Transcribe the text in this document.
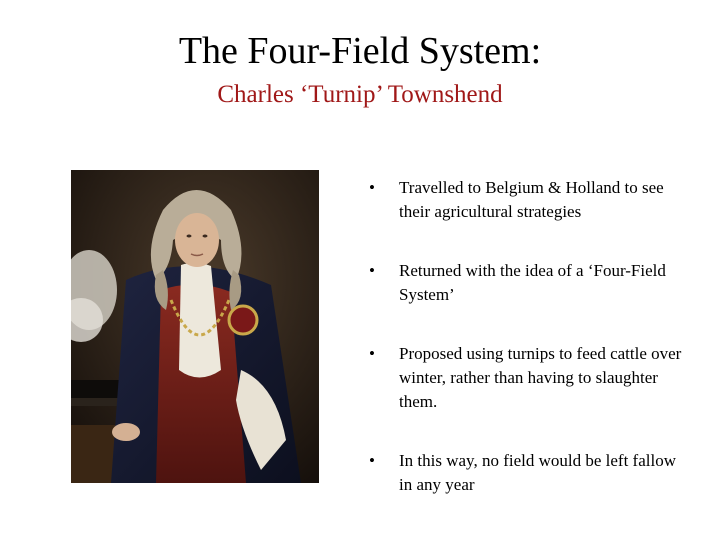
The Four-Field System:
Charles ‘Turnip’ Townshend
• Travelled to Belgium & Holland to see their agricultural strategies
• Returned with the idea of a ‘Four-Field System’
• Proposed using turnips to feed cattle over winter, rather than having to slaughter them.
• In this way, no field would be left fallow in any year
